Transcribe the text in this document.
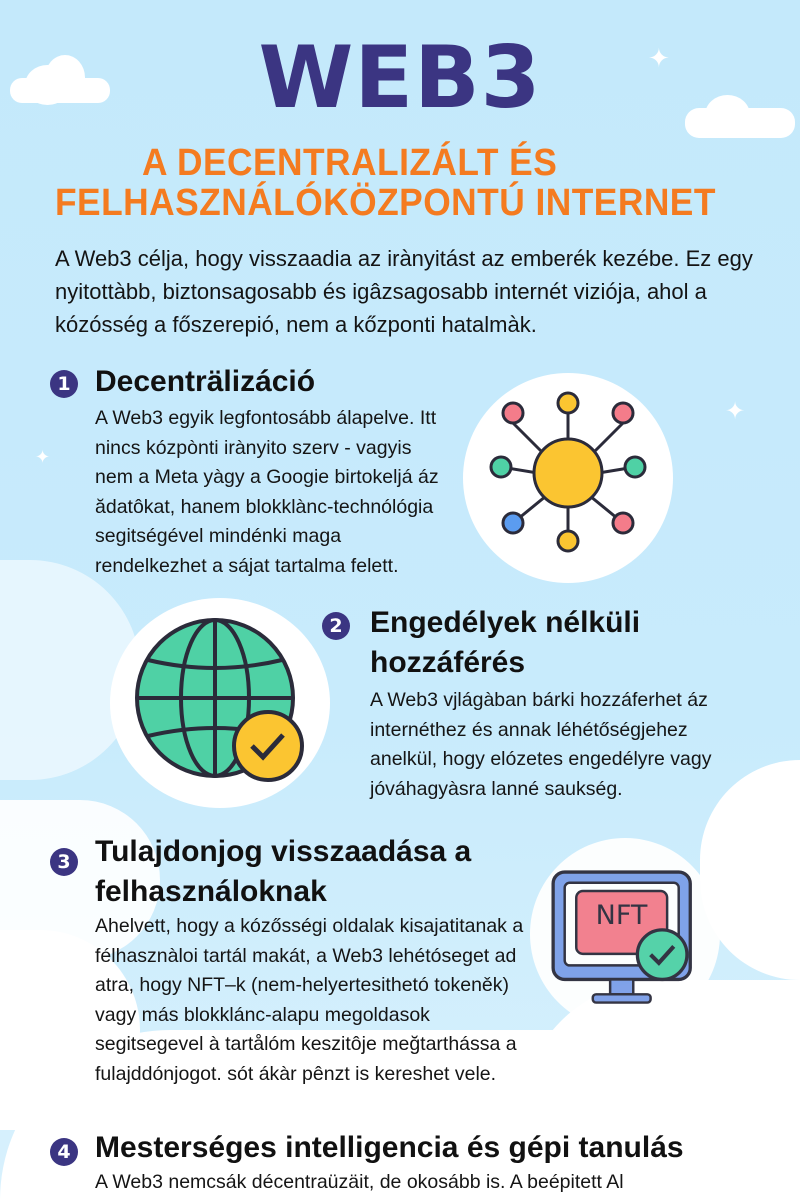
✦
✦
✦
WEB3
A DECENTRALIZÁLT ÉS
FELHASZNÁLÓKÖZPONTÚ INTERNET
A Web3 célja, hogy visszaadia az irànyitást az emberék kezébe. Ez egy nyitottàbb, biztonsagosabb és igâzsagosabb internét viziója, ahol a kózósség a főszerepió, nem a kőzponti hatalmàk.
1 Decenträlizáció
A Web3 egyik legfontosább álapelve. Itt nincs kózpònti irànyito szerv - vagyis nem a Meta yàgy a Googie birtokeljá áz ădatôkat, hanem blokklànc-technólógia segitségével mindénki maga rendelkezhet a sájat tartalma felett.
2 Engedélyek nélküli hozzáférés
A Web3 vjlágàban bárki hozzáferhet áz internéthez és annak léhétőségjehez anelkül, hogy elózetes engedélyre vagy jóváhagyàsra lanné saukség.
3 Tulajdonjog visszaadása a felhasználoknak
NFT
Ahelvett, hogy a kózősségi oldalak kisajatitanak a félhasznàloi tartál makát, a Web3 lehétóseget ad atra, hogy NFT–k (nem-helyertesithetó tokeněk) vagy más blokklánc-alapu megoldasok segitsegevel à tartålóm keszitôje meğtarthássa a fulajddónjogot. sót ákàr pênzt is kereshet vele.
4 Mesterséges intelligencia és gépi tanulás
A Web3 nemcsák décentraüzäit, de okosább is. A beépitett Al
